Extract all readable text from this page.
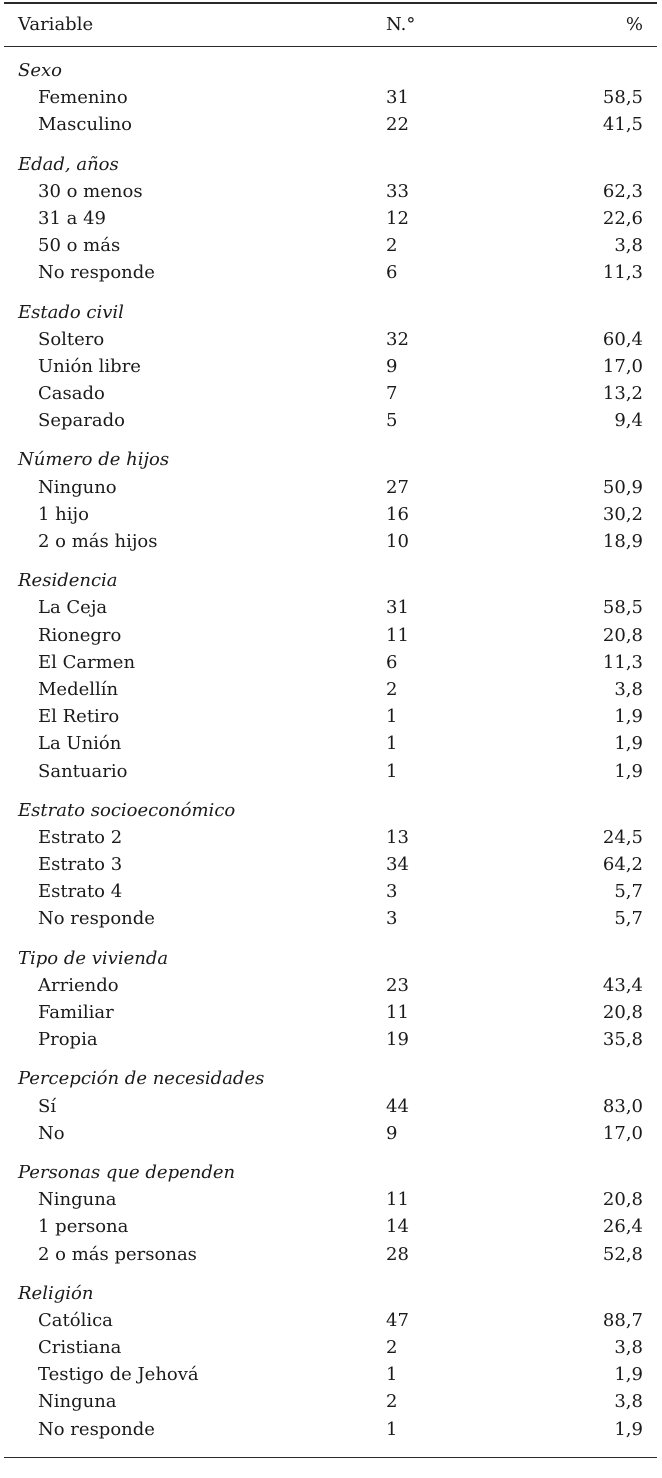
Variable	N.°	%
Sexo
Femenino	31	58,5
Masculino	22	41,5
Edad, años
30 o menos	33	62,3
31 a 49	12	22,6
50 o más	2	3,8
No responde	6	11,3
Estado civil
Soltero	32	60,4
Unión libre	9	17,0
Casado	7	13,2
Separado	5	9,4
Número de hijos
Ninguno	27	50,9
1 hijo	16	30,2
2 o más hijos	10	18,9
Residencia
La Ceja	31	58,5
Rionegro	11	20,8
El Carmen	6	11,3
Medellín	2	3,8
El Retiro	1	1,9
La Unión	1	1,9
Santuario	1	1,9
Estrato socioeconómico
Estrato 2	13	24,5
Estrato 3	34	64,2
Estrato 4	3	5,7
No responde	3	5,7
Tipo de vivienda
Arriendo	23	43,4
Familiar	11	20,8
Propia	19	35,8
Percepción de necesidades
Sí	44	83,0
No	9	17,0
Personas que dependen
Ninguna	11	20,8
1 persona	14	26,4
2 o más personas	28	52,8
Religión
Católica	47	88,7
Cristiana	2	3,8
Testigo de Jehová	1	1,9
Ninguna	2	3,8
No responde	1	1,9
